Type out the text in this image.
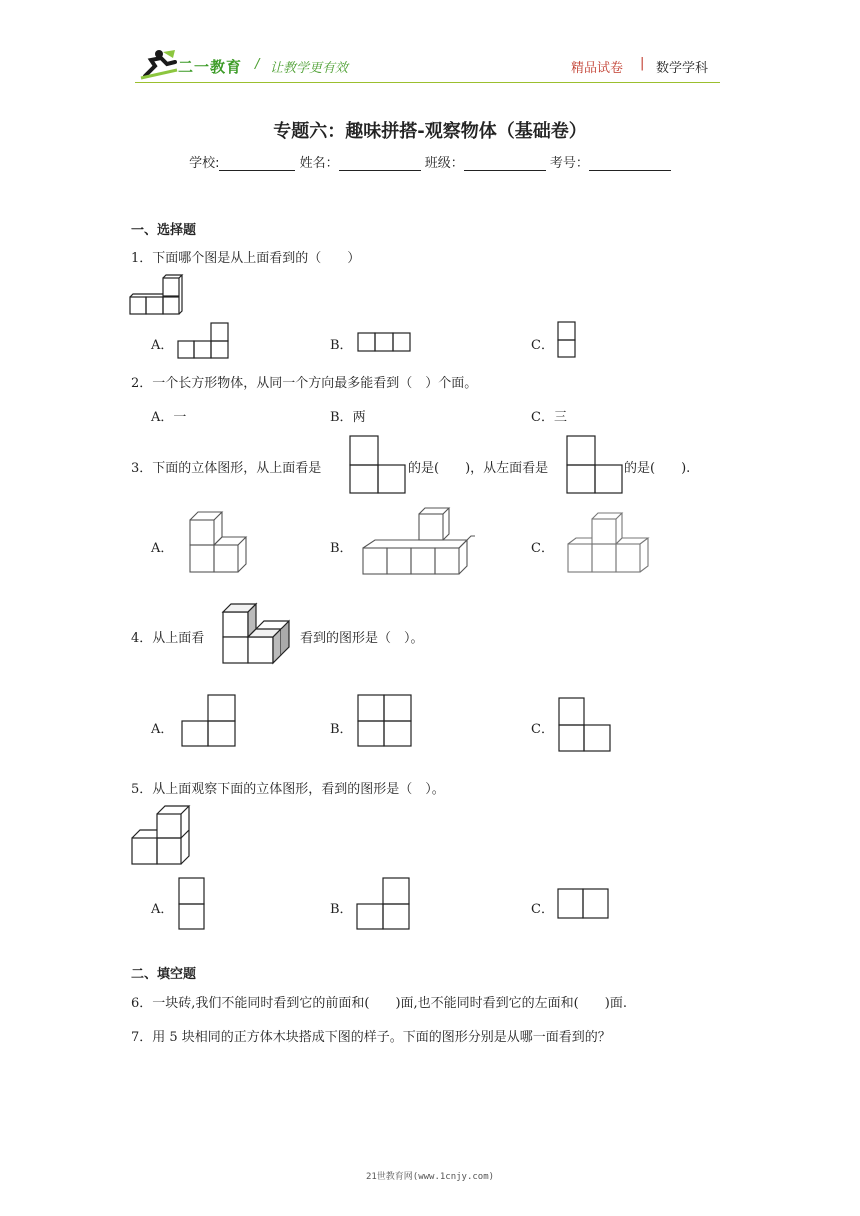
二一教育 / 让教学更有效	精品试卷 | 数学学科
专题六：趣味拼搭-观察物体（基础卷）
学校:	姓名：	班级：	考号：
一、选择题
1．下面哪个图是从上面看到的（　　）
A．	B．	C．
2．一个长方形物体，从同一个方向最多能看到（　）个面。
A．一	B．两	C．三
3．下面的立体图形，从上面看是	的是(　　)，从左面看是	的是(　　).
A．	B．	C．
4．从上面看	看到的图形是（　）。
A．	B．	C．
5．从上面观察下面的立体图形，看到的图形是（　）。
A．	B．	C．
二、填空题
6．一块砖,我们不能同时看到它的前面和(　　)面,也不能同时看到它的左面和(　　)面.
7．用 5 块相同的正方体木块搭成下图的样子。下面的图形分别是从哪一面看到的？
21世教育网(www.1cnjy.com)
